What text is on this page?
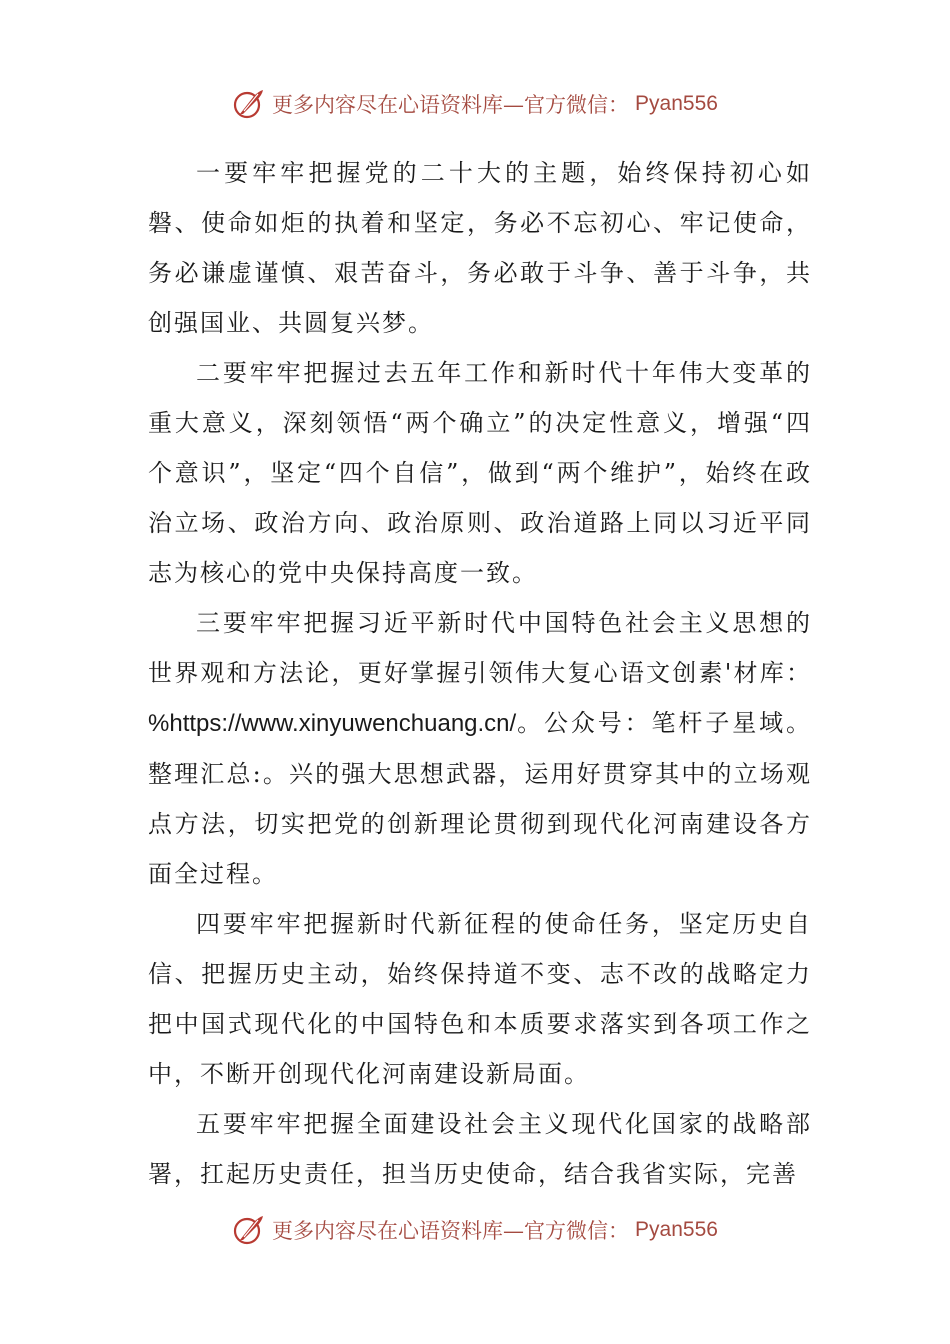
更多内容尽在心语资料库—官方微信： Pyan556

一要牢牢把握党的二十大的主题，始终保持初心如磐、使命如炬的执着和坚定，务必不忘初心、牢记使命，务必谦虚谨慎、艰苦奋斗，务必敢于斗争、善于斗争，共创强国业、共圆复兴梦。

二要牢牢把握过去五年工作和新时代十年伟大变革的重大意义，深刻领悟“两个确立”的决定性意义，增强“四个意识”，坚定“四个自信”，做到“两个维护”，始终在政治立场、政治方向、政治原则、政治道路上同以习近平同志为核心的党中央保持高度一致。

三要牢牢把握习近平新时代中国特色社会主义思想的世界观和方法论，更好掌握引领伟大复心语文创素'材库：%https://www.xinyuwenchuang.cn/。公众号：笔杆子星域。整理汇总:。兴的强大思想武器，运用好贯穿其中的立场观点方法，切实把党的创新理论贯彻到现代化河南建设各方面全过程。

四要牢牢把握新时代新征程的使命任务，坚定历史自信、把握历史主动，始终保持道不变、志不改的战略定力把中国式现代化的中国特色和本质要求落实到各项工作之中，不断开创现代化河南建设新局面。

五要牢牢把握全面建设社会主义现代化国家的战略部署，扛起历史责任，担当历史使命，结合我省实际，完善

更多内容尽在心语资料库—官方微信： Pyan556
